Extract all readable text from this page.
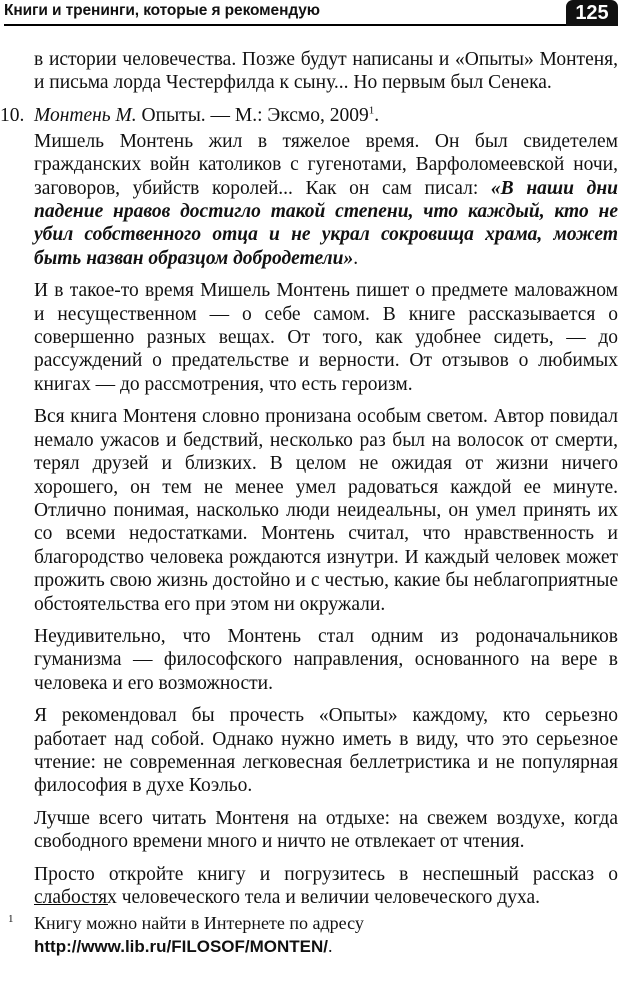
Книги и тренинги, которые я рекомендую	125

в истории человечества. Позже будут написаны и «Опыты» Монтеня, и письма лорда Честерфилда к сыну... Но первым был Сенека.

Мишель Монтень жил в тяжелое время. Он был свидетелем гражданских войн католиков с гугенотами, Варфоломеевской ночи, заговоров, убийств королей... Как он сам писал: «В наши дни падение нравов достигло такой степени, что каждый, кто не убил собственного отца и не украл сокровища храма, может быть назван образцом добродетели».

И в такое-то время Мишель Монтень пишет о предмете маловажном и несущественном — о себе самом. В книге рассказывается о совершенно разных вещах. От того, как удобнее сидеть, — до рассуждений о предательстве и верности. От отзывов о любимых книгах — до рассмотрения, что есть героизм.

Вся книга Монтеня словно пронизана особым светом. Автор повидал немало ужасов и бедствий, несколько раз был на волосок от смерти, терял друзей и близких. В целом не ожидая от жизни ничего хорошего, он тем не менее умел радоваться каждой ее минуте. Отлично понимая, насколько люди неидеальны, он умел принять их со всеми недостатками. Монтень считал, что нравственность и благородство человека рождаются изнутри. И каждый человек может прожить свою жизнь достойно и с честью, какие бы неблагоприятные обстоятельства его при этом ни окружали.

Неудивительно, что Монтень стал одним из родоначальников гуманизма — философского направления, основанного на вере в человека и его возможности.

Я рекомендовал бы прочесть «Опыты» каждому, кто серьезно работает над собой. Однако нужно иметь в виду, что это серьезное чтение: не современная легковесная беллетристика и не популярная философия в духе Коэльо.

Лучше всего читать Монтеня на отдыхе: на свежем воздухе, когда свободного времени много и ничто не отвлекает от чтения.

Просто откройте книгу и погрузитесь в неспешный рассказ о слабостях человеческого тела и величии человеческого духа.

10. Монтень М. Опыты. — М.: Эксмо, 2009$^1$.
1 Книгу можно найти в Интернете по адресу http://www.lib.ru/FILOSOF/MONTEN/.
